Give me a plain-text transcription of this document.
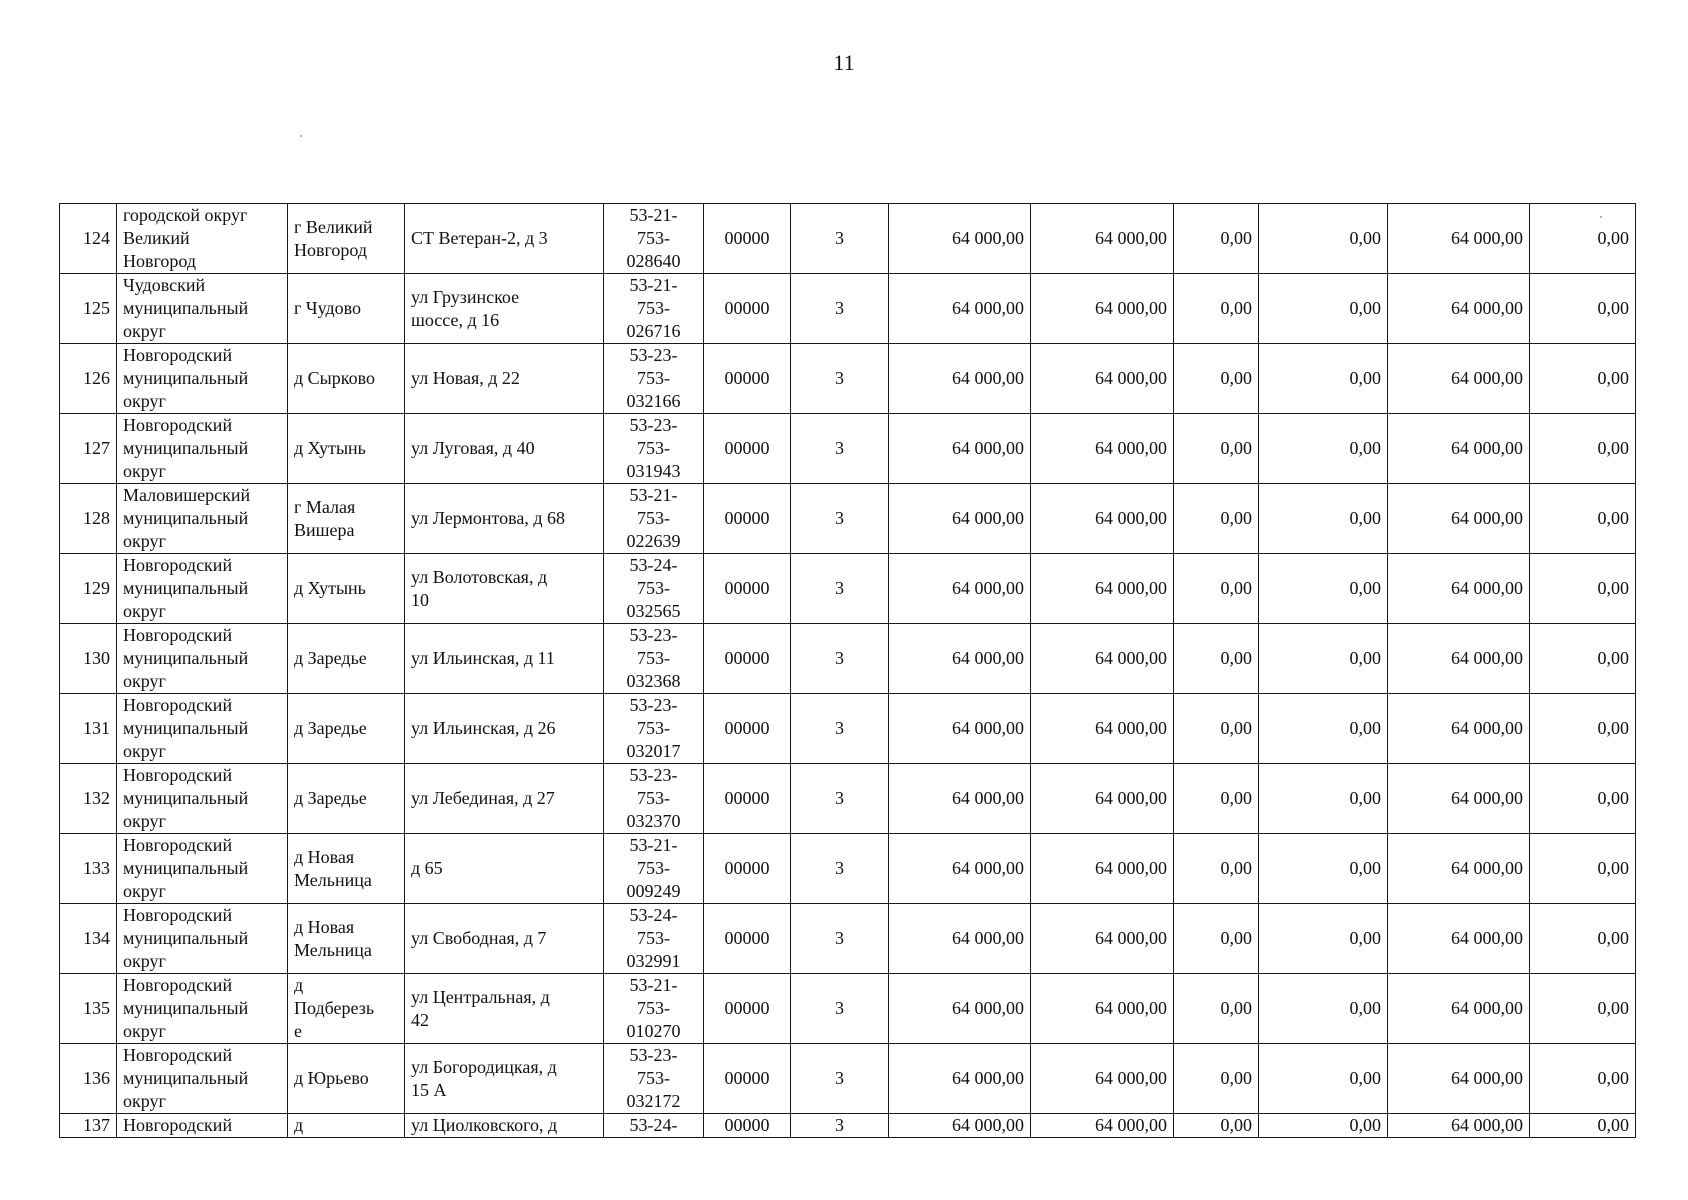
11
124	городской округ
Великий
Новгород	г Великий
Новгород	СТ Ветеран-2, д 3	53-21-
753-
028640	00000	3	64 000,00	64 000,00	0,00	0,00	64 000,00	0,00
125	Чудовский
муниципальный
округ	г Чудово	ул Грузинское
шоссе, д 16	53-21-
753-
026716	00000	3	64 000,00	64 000,00	0,00	0,00	64 000,00	0,00
126	Новгородский
муниципальный
округ	д Сырково	ул Новая, д 22	53-23-
753-
032166	00000	3	64 000,00	64 000,00	0,00	0,00	64 000,00	0,00
127	Новгородский
муниципальный
округ	д Хутынь	ул Луговая, д 40	53-23-
753-
031943	00000	3	64 000,00	64 000,00	0,00	0,00	64 000,00	0,00
128	Маловишерский
муниципальный
округ	г Малая
Вишера	ул Лермонтова, д 68	53-21-
753-
022639	00000	3	64 000,00	64 000,00	0,00	0,00	64 000,00	0,00
129	Новгородский
муниципальный
округ	д Хутынь	ул Волотовская, д
10	53-24-
753-
032565	00000	3	64 000,00	64 000,00	0,00	0,00	64 000,00	0,00
130	Новгородский
муниципальный
округ	д Заредье	ул Ильинская, д 11	53-23-
753-
032368	00000	3	64 000,00	64 000,00	0,00	0,00	64 000,00	0,00
131	Новгородский
муниципальный
округ	д Заредье	ул Ильинская, д 26	53-23-
753-
032017	00000	3	64 000,00	64 000,00	0,00	0,00	64 000,00	0,00
132	Новгородский
муниципальный
округ	д Заредье	ул Лебединая, д 27	53-23-
753-
032370	00000	3	64 000,00	64 000,00	0,00	0,00	64 000,00	0,00
133	Новгородский
муниципальный
округ	д Новая
Мельница	д 65	53-21-
753-
009249	00000	3	64 000,00	64 000,00	0,00	0,00	64 000,00	0,00
134	Новгородский
муниципальный
округ	д Новая
Мельница	ул Свободная, д 7	53-24-
753-
032991	00000	3	64 000,00	64 000,00	0,00	0,00	64 000,00	0,00
135	Новгородский
муниципальный
округ	д
Подберезь
е	ул Центральная, д
42	53-21-
753-
010270	00000	3	64 000,00	64 000,00	0,00	0,00	64 000,00	0,00
136	Новгородский
муниципальный
округ	д Юрьево	ул Богородицкая, д
15 А	53-23-
753-
032172	00000	3	64 000,00	64 000,00	0,00	0,00	64 000,00	0,00
137	Новгородский	д	ул Циолковского, д	53-24-	00000	3	64 000,00	64 000,00	0,00	0,00	64 000,00	0,00
